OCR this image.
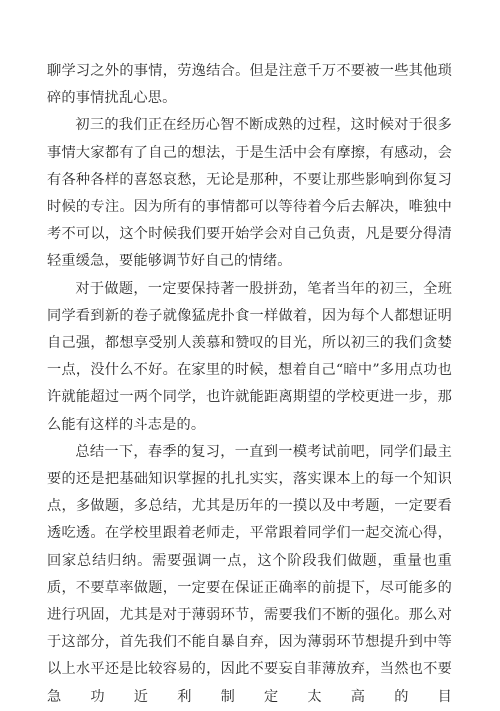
聊学习之外的事情，劳逸结合。但是注意千万不要被一些其他琐碎的事情扰乱心思。

初三的我们正在经历心智不断成熟的过程，这时候对于很多事情大家都有了自己的想法，于是生活中会有摩擦，有感动，会有各种各样的喜怒哀愁，无论是那种，不要让那些影响到你复习时候的专注。因为所有的事情都可以等待着今后去解决，唯独中考不可以，这个时候我们要开始学会对自己负责，凡是要分得清轻重缓急，要能够调节好自己的情绪。

对于做题，一定要保持著一股拼劲，笔者当年的初三，全班同学看到新的卷子就像猛虎扑食一样做着，因为每个人都想证明自己强，都想享受别人羡慕和赞叹的目光，所以初三的我们贪婪一点，没什么不好。在家里的时候，想着自己“暗中”多用点功也许就能超过一两个同学，也许就能距离期望的学校更进一步，那么能有这样的斗志是的。

总结一下，春季的复习，一直到一模考试前吧，同学们最主要的还是把基础知识掌握的扎扎实实，落实课本上的每一个知识点，多做题，多总结，尤其是历年的一摸以及中考题，一定要看透吃透。在学校里跟着老师走，平常跟着同学们一起交流心得，回家总结归纳。需要强调一点，这个阶段我们做题，重量也重质，不要草率做题，一定要在保证正确率的前提下，尽可能多的进行巩固，尤其是对于薄弱环节，需要我们不断的强化。那么对于这部分，首先我们不能自暴自弃，因为薄弱环节想提升到中等以上水平还是比较容易的，因此不要妄自菲薄放弃，当然也不要急功近利制定太高的目
